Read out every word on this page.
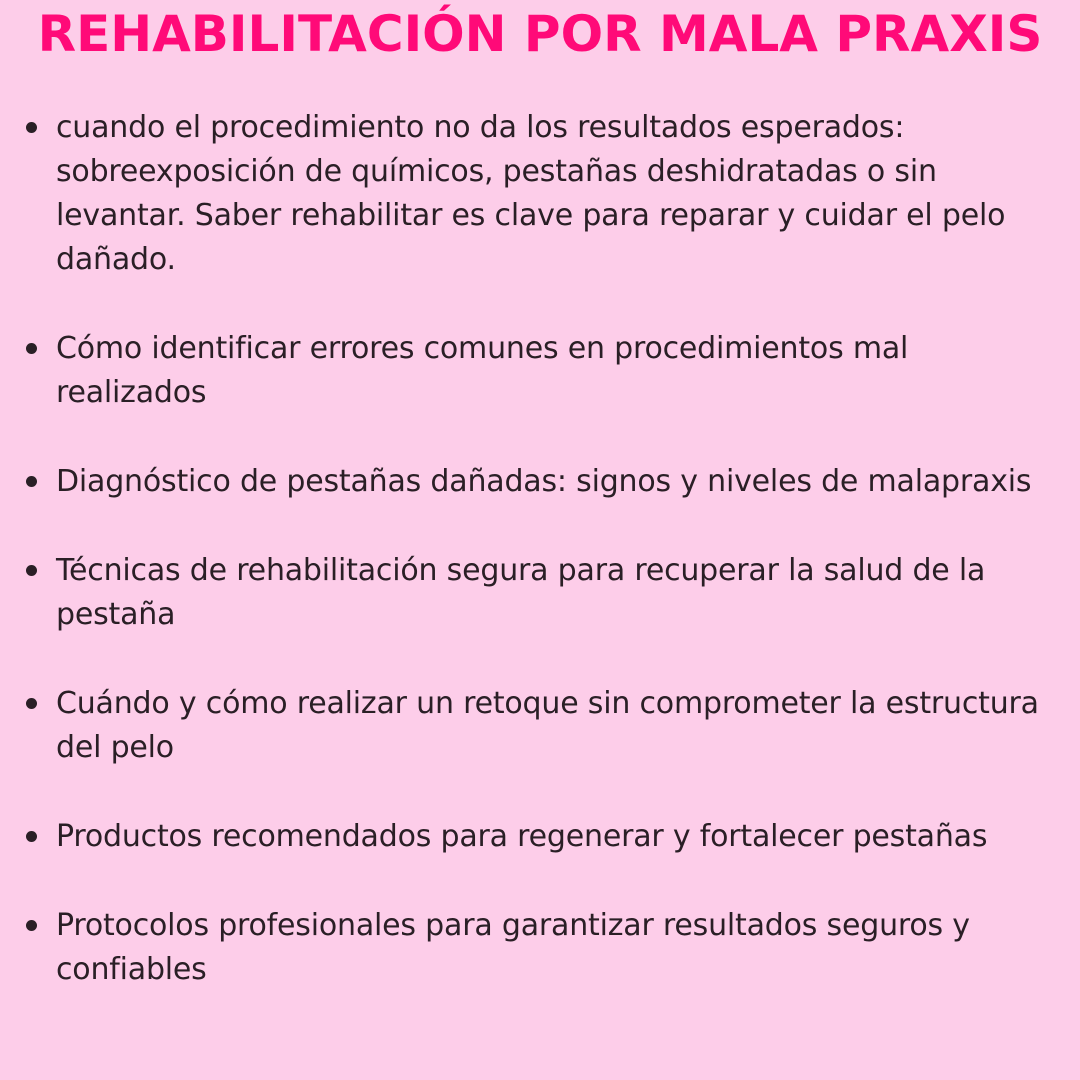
REHABILITACIÓN POR MALA PRAXIS
cuando el procedimiento no da los resultados esperados: sobreexposición de químicos, pestañas deshidratadas o sin levantar. Saber rehabilitar es clave para reparar y cuidar el pelo dañado.
Cómo identificar errores comunes en procedimientos mal realizados
Diagnóstico de pestañas dañadas: signos y niveles de malapraxis
Técnicas de rehabilitación segura para recuperar la salud de la pestaña
Cuándo y cómo realizar un retoque sin comprometer la estructura del pelo
Productos recomendados para regenerar y fortalecer pestañas
Protocolos profesionales para garantizar resultados seguros y confiables
